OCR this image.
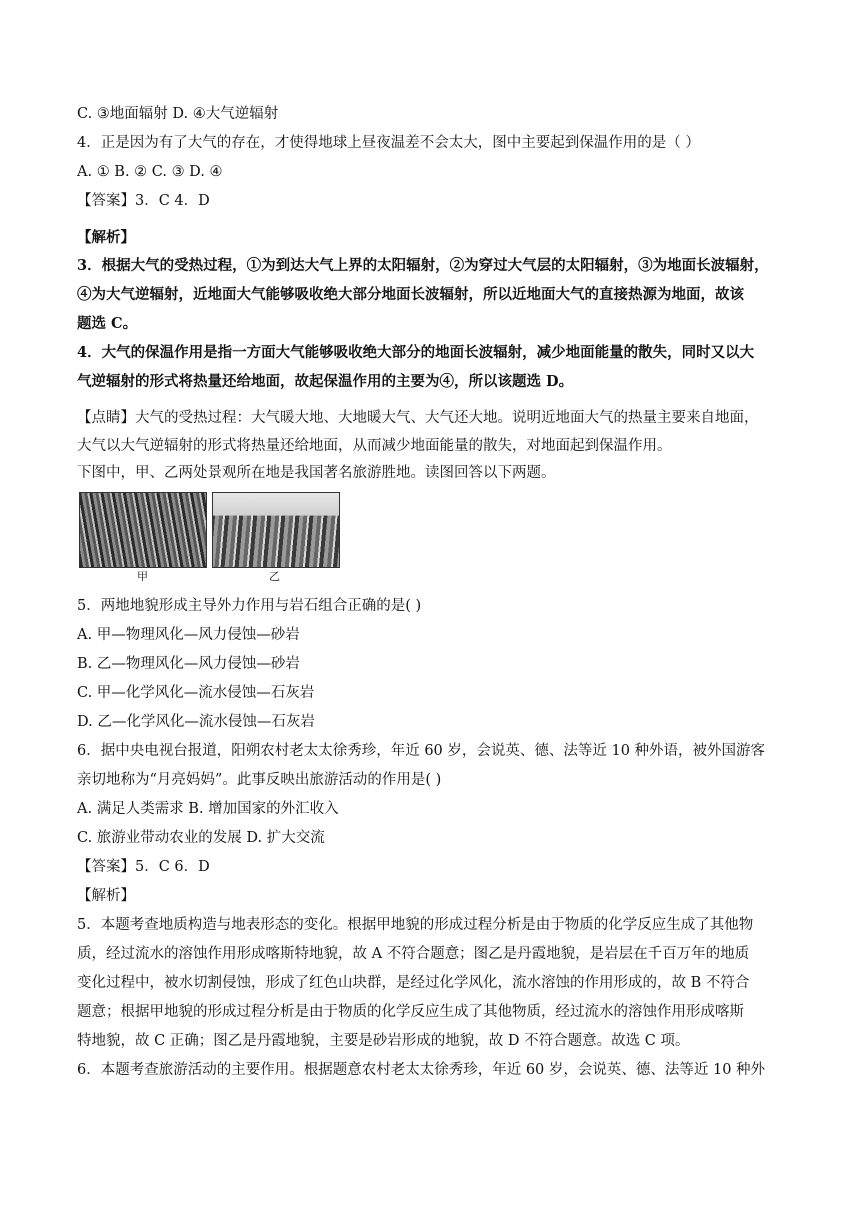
C. ③地面辐射 D. ④大气逆辐射
4．正是因为有了大气的存在，才使得地球上昼夜温差不会太大，图中主要起到保温作用的是（ ）
A. ① B. ② C. ③ D. ④
【答案】3．C 4．D
【解析】
3．根据大气的受热过程，①为到达大气上界的太阳辐射，②为穿过大气层的太阳辐射，③为地面长波辐射，
④为大气逆辐射，近地面大气能够吸收绝大部分地面长波辐射，所以近地面大气的直接热源为地面，故该
题选 C。
4．大气的保温作用是指一方面大气能够吸收绝大部分的地面长波辐射，减少地面能量的散失，同时又以大
气逆辐射的形式将热量还给地面，故起保温作用的主要为④，所以该题选 D。
【点睛】大气的受热过程：大气暖大地、大地暖大气、大气还大地。说明近地面大气的热量主要来自地面，
大气以大气逆辐射的形式将热量还给地面，从而减少地面能量的散失，对地面起到保温作用。
下图中，甲、乙两处景观所在地是我国著名旅游胜地。读图回答以下两题。
5．两地地貌形成主导外力作用与岩石组合正确的是( )
A. 甲—物理风化—风力侵蚀—砂岩
B. 乙—物理风化—风力侵蚀—砂岩
C. 甲—化学风化—流水侵蚀—石灰岩
D. 乙—化学风化—流水侵蚀—石灰岩
6．据中央电视台报道，阳朔农村老太太徐秀珍，年近 60 岁，会说英、德、法等近 10 种外语，被外国游客
亲切地称为“月亮妈妈”。此事反映出旅游活动的作用是( )
A. 满足人类需求 B. 增加国家的外汇收入
C. 旅游业带动农业的发展 D. 扩大交流
【答案】5．C 6．D
【解析】
5．本题考查地质构造与地表形态的变化。根据甲地貌的形成过程分析是由于物质的化学反应生成了其他物
质，经过流水的溶蚀作用形成喀斯特地貌，故 A 不符合题意；图乙是丹霞地貌，是岩层在千百万年的地质
变化过程中，被水切割侵蚀，形成了红色山块群，是经过化学风化，流水溶蚀的作用形成的，故 B 不符合
题意；根据甲地貌的形成过程分析是由于物质的化学反应生成了其他物质，经过流水的溶蚀作用形成喀斯
特地貌，故 C 正确；图乙是丹霞地貌，主要是砂岩形成的地貌，故 D 不符合题意。故选 C 项。
6．本题考查旅游活动的主要作用。根据题意农村老太太徐秀珍，年近 60 岁，会说英、德、法等近 10 种外
甲	乙
